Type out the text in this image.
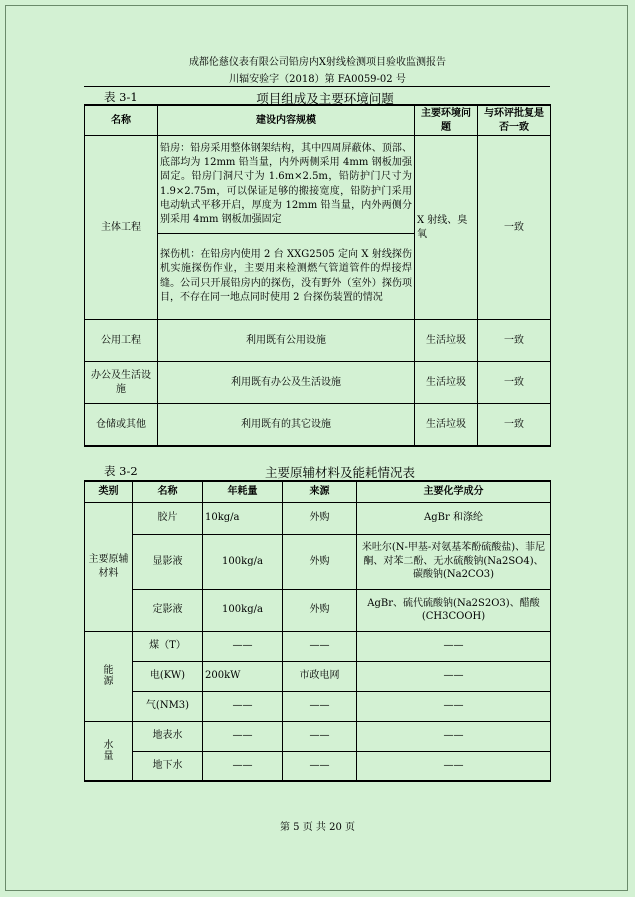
成都伦慈仪表有限公司铅房内X射线检测项目验收监测报告
川辐安验字（2018）第 FA0059-02 号
表 3-1	项目组成及主要环境问题
名称	建设内容规模	主要环境问题	与环评批复是否一致
主体工程	铅房：铅房采用整体钢架结构，其中四周屏蔽体、顶部、底部均为 12mm 铅当量，内外两侧采用 4mm 钢板加强固定。铅房门洞尺寸为 1.6m×2.5m，铅防护门尺寸为 1.9×2.75m，可以保证足够的搬接宽度，铅防护门采用电动轨式平移开启，厚度为 12mm 铅当量，内外两侧分别采用 4mm 钢板加强固定	X 射线、臭氧	一致
	探伤机：在铅房内使用 2 台 XXG2505 定向 X 射线探伤机实施探伤作业，主要用来检测燃气管道管件的焊接焊缝。公司只开展铅房内的探伤，没有野外（室外）探伤项目，不存在同一地点同时使用 2 台探伤装置的情况		
公用工程	利用既有公用设施	生活垃圾	一致
办公及生活设施	利用既有办公及生活设施	生活垃圾	一致
仓储或其他	利用既有的其它设施	生活垃圾	一致
表 3-2	主要原辅材料及能耗情况表
类别	名称	年耗量	来源	主要化学成分
主要原辅材料	胶片	10kg/a	外购	AgBr 和涤纶
	显影液	100kg/a	外购	米吐尔(N-甲基-对氨基苯酚硫酸盐)、菲尼酮、对苯二酚、无水硫酸钠(Na2SO4)、碳酸钠(Na2CO3)
	定影液	100kg/a	外购	AgBr、硫代硫酸钠(Na2S2O3)、醋酸(CH3COOH)

能源	煤（T）	——	——	——
	电(KW)	200kW	市政电网	——
	气(NM3)	——	——	——

水量	地表水	——	——	——
	地下水	——	——	——
第 5 页 共 20 页
